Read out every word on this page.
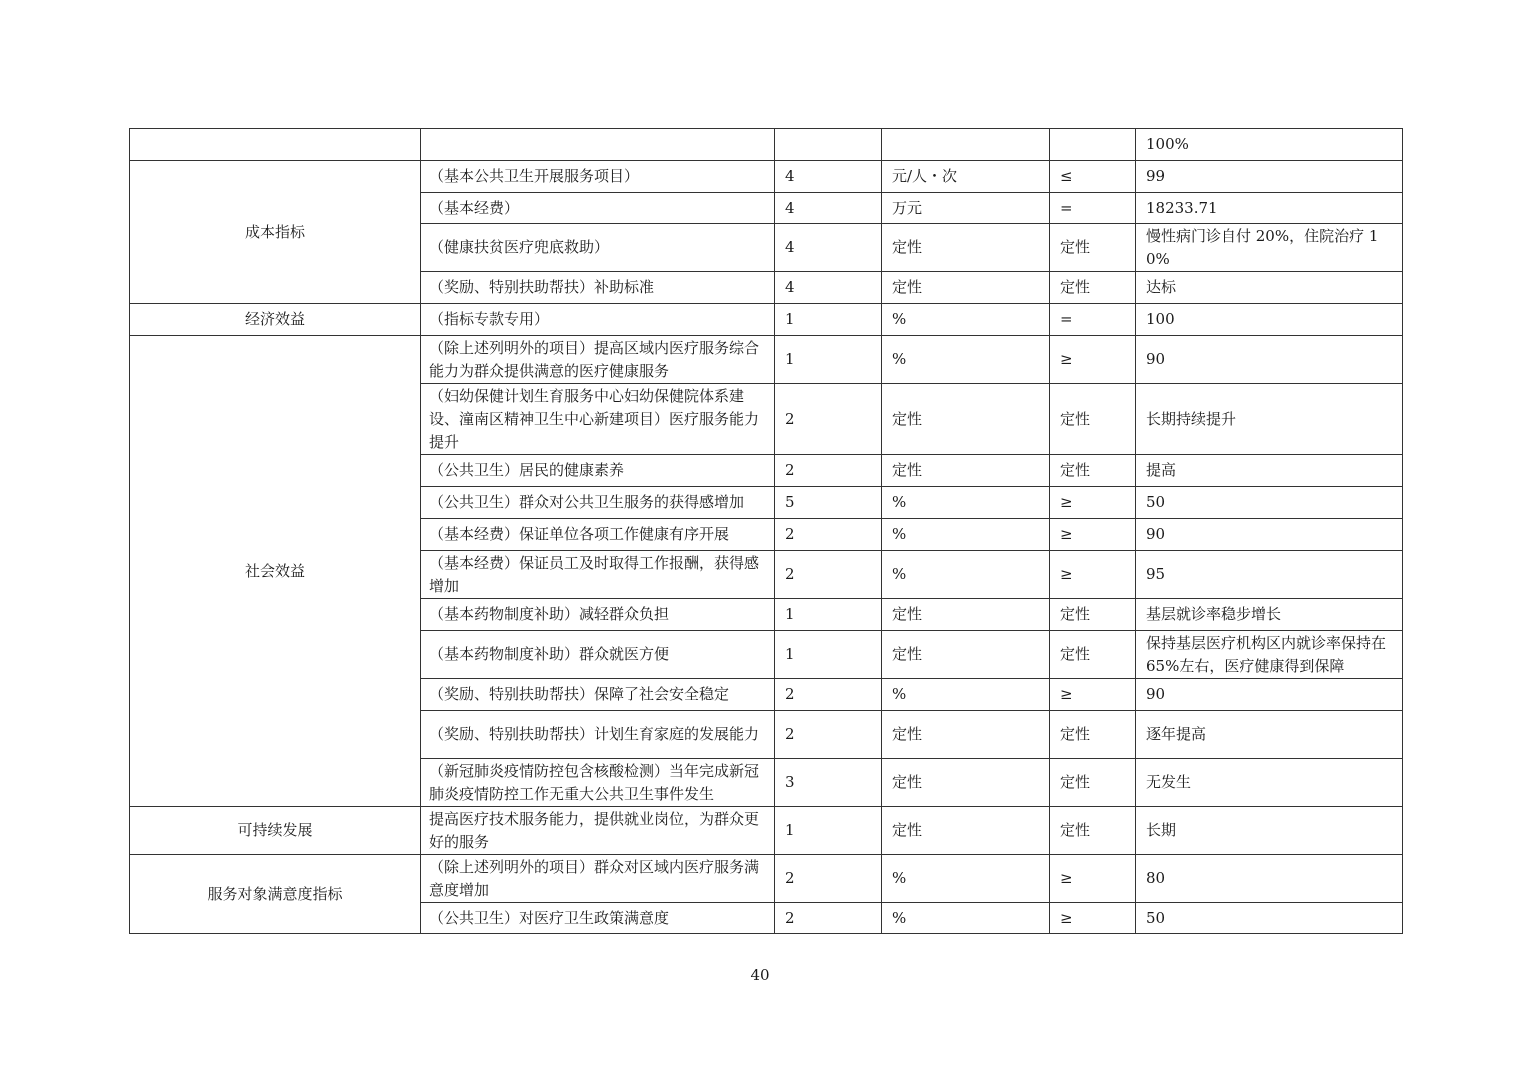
					100%
成本指标	（基本公共卫生开展服务项目）	4	元/人・次	≤	99
	（基本经费）	4	万元	=	18233.71
	（健康扶贫医疗兜底救助）	4	定性	定性	慢性病门诊自付 20%，住院治疗 10%
	（奖励、特别扶助帮扶）补助标准	4	定性	定性	达标
经济效益	（指标专款专用）	1	%	=	100
社会效益	（除上述列明外的项目）提高区域内医疗服务综合能力为群众提供满意的医疗健康服务	1	%	≥	90
	（妇幼保健计划生育服务中心妇幼保健院体系建设、潼南区精神卫生中心新建项目）医疗服务能力提升	2	定性	定性	长期持续提升
	（公共卫生）居民的健康素养	2	定性	定性	提高
	（公共卫生）群众对公共卫生服务的获得感增加	5	%	≥	50
	（基本经费）保证单位各项工作健康有序开展	2	%	≥	90
	（基本经费）保证员工及时取得工作报酬，获得感增加	2	%	≥	95
	（基本药物制度补助）减轻群众负担	1	定性	定性	基层就诊率稳步增长
	（基本药物制度补助）群众就医方便	1	定性	定性	保持基层医疗机构区内就诊率保持在 65%左右，医疗健康得到保障
	（奖励、特别扶助帮扶）保障了社会安全稳定	2	%	≥	90
	（奖励、特别扶助帮扶）计划生育家庭的发展能力	2	定性	定性	逐年提高
	（新冠肺炎疫情防控包含核酸检测）当年完成新冠肺炎疫情防控工作无重大公共卫生事件发生	3	定性	定性	无发生
可持续发展	提高医疗技术服务能力，提供就业岗位，为群众更好的服务	1	定性	定性	长期
服务对象满意度指标	（除上述列明外的项目）群众对区域内医疗服务满意度增加	2	%	≥	80
	（公共卫生）对医疗卫生政策满意度	2	%	≥	50
40
